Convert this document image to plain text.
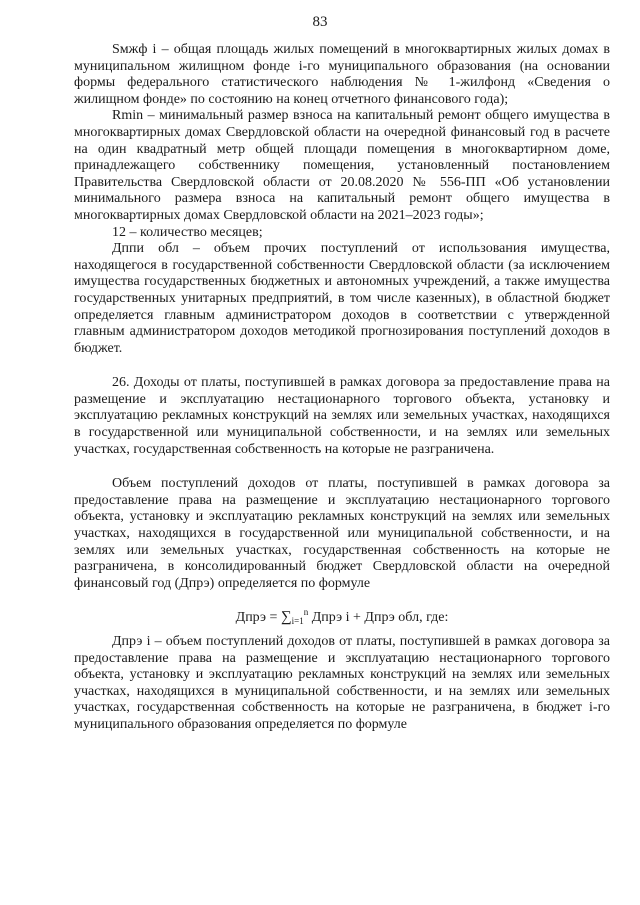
83

Sмжф i – общая площадь жилых помещений в многоквартирных жилых домах в муниципальном жилищном фонде i-го муниципального образования (на основании формы федерального статистического наблюдения № 1-жилфонд «Сведения о жилищном фонде» по состоянию на конец отчетного финансового года);

Rmin – минимальный размер взноса на капитальный ремонт общего имущества в многоквартирных домах Свердловской области на очередной финансовый год в расчете на один квадратный метр общей площади помещения в многоквартирном доме, принадлежащего собственнику помещения, установленный постановлением Правительства Свердловской области от 20.08.2020 № 556-ПП «Об установлении минимального размера взноса на капитальный ремонт общего имущества в многоквартирных домах Свердловской области на 2021–2023 годы»;

12 – количество месяцев;

Дппи обл – объем прочих поступлений от использования имущества, находящегося в государственной собственности Свердловской области (за исключением имущества государственных бюджетных и автономных учреждений, а также имущества государственных унитарных предприятий, в том числе казенных), в областной бюджет определяется главным администратором доходов в соответствии с утвержденной главным администратором доходов методикой прогнозирования поступлений доходов в бюджет.

26. Доходы от платы, поступившей в рамках договора за предоставление права на размещение и эксплуатацию нестационарного торгового объекта, установку и эксплуатацию рекламных конструкций на землях или земельных участках, находящихся в государственной или муниципальной собственности, и на землях или земельных участках, государственная собственность на которые не разграничена.

Объем поступлений доходов от платы, поступившей в рамках договора за предоставление права на размещение и эксплуатацию нестационарного торгового объекта, установку и эксплуатацию рекламных конструкций на землях или земельных участках, находящихся в государственной или муниципальной собственности, и на землях или земельных участках, государственная собственность на которые не разграничена, в консолидированный бюджет Свердловской области на очередной финансовый год (Дпрэ) определяется по формуле

Дпрэ = $\sum_{i=1}^n$ Дпрэ i + Дпрэ обл, где:

Дпрэ i – объем поступлений доходов от платы, поступившей в рамках договора за предоставление права на размещение и эксплуатацию нестационарного торгового объекта, установку и эксплуатацию рекламных конструкций на землях или земельных участках, находящихся в муниципальной собственности, и на землях или земельных участках, государственная собственность на которые не разграничена, в бюджет i-го муниципального образования определяется по формуле
